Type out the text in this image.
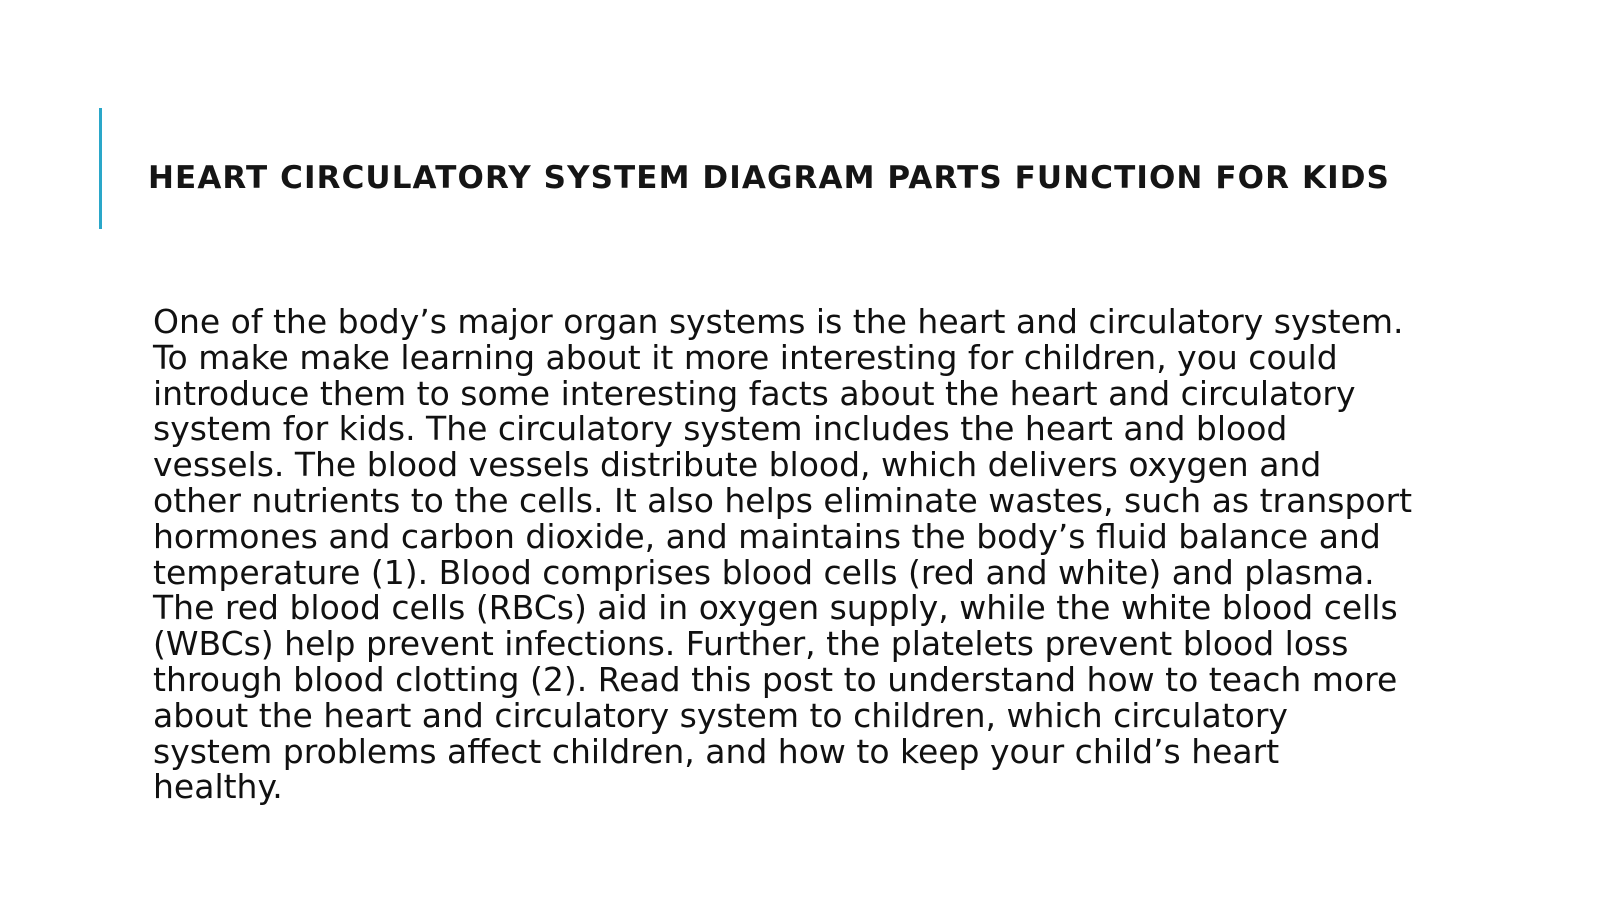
HEART CIRCULATORY SYSTEM DIAGRAM PARTS FUNCTION FOR KIDS

One of the body’s major organ systems is the heart and circulatory system. To make make learning about it more interesting for children, you could introduce them to some interesting facts about the heart and circulatory system for kids. The circulatory system includes the heart and blood vessels. The blood vessels distribute blood, which delivers oxygen and other nutrients to the cells. It also helps eliminate wastes, such as transport hormones and carbon dioxide, and maintains the body’s fluid balance and temperature (1). Blood comprises blood cells (red and white) and plasma. The red blood cells (RBCs) aid in oxygen supply, while the white blood cells (WBCs) help prevent infections. Further, the platelets prevent blood loss through blood clotting (2). Read this post to understand how to teach more about the heart and circulatory system to children, which circulatory system problems affect children, and how to keep your child’s heart healthy.
